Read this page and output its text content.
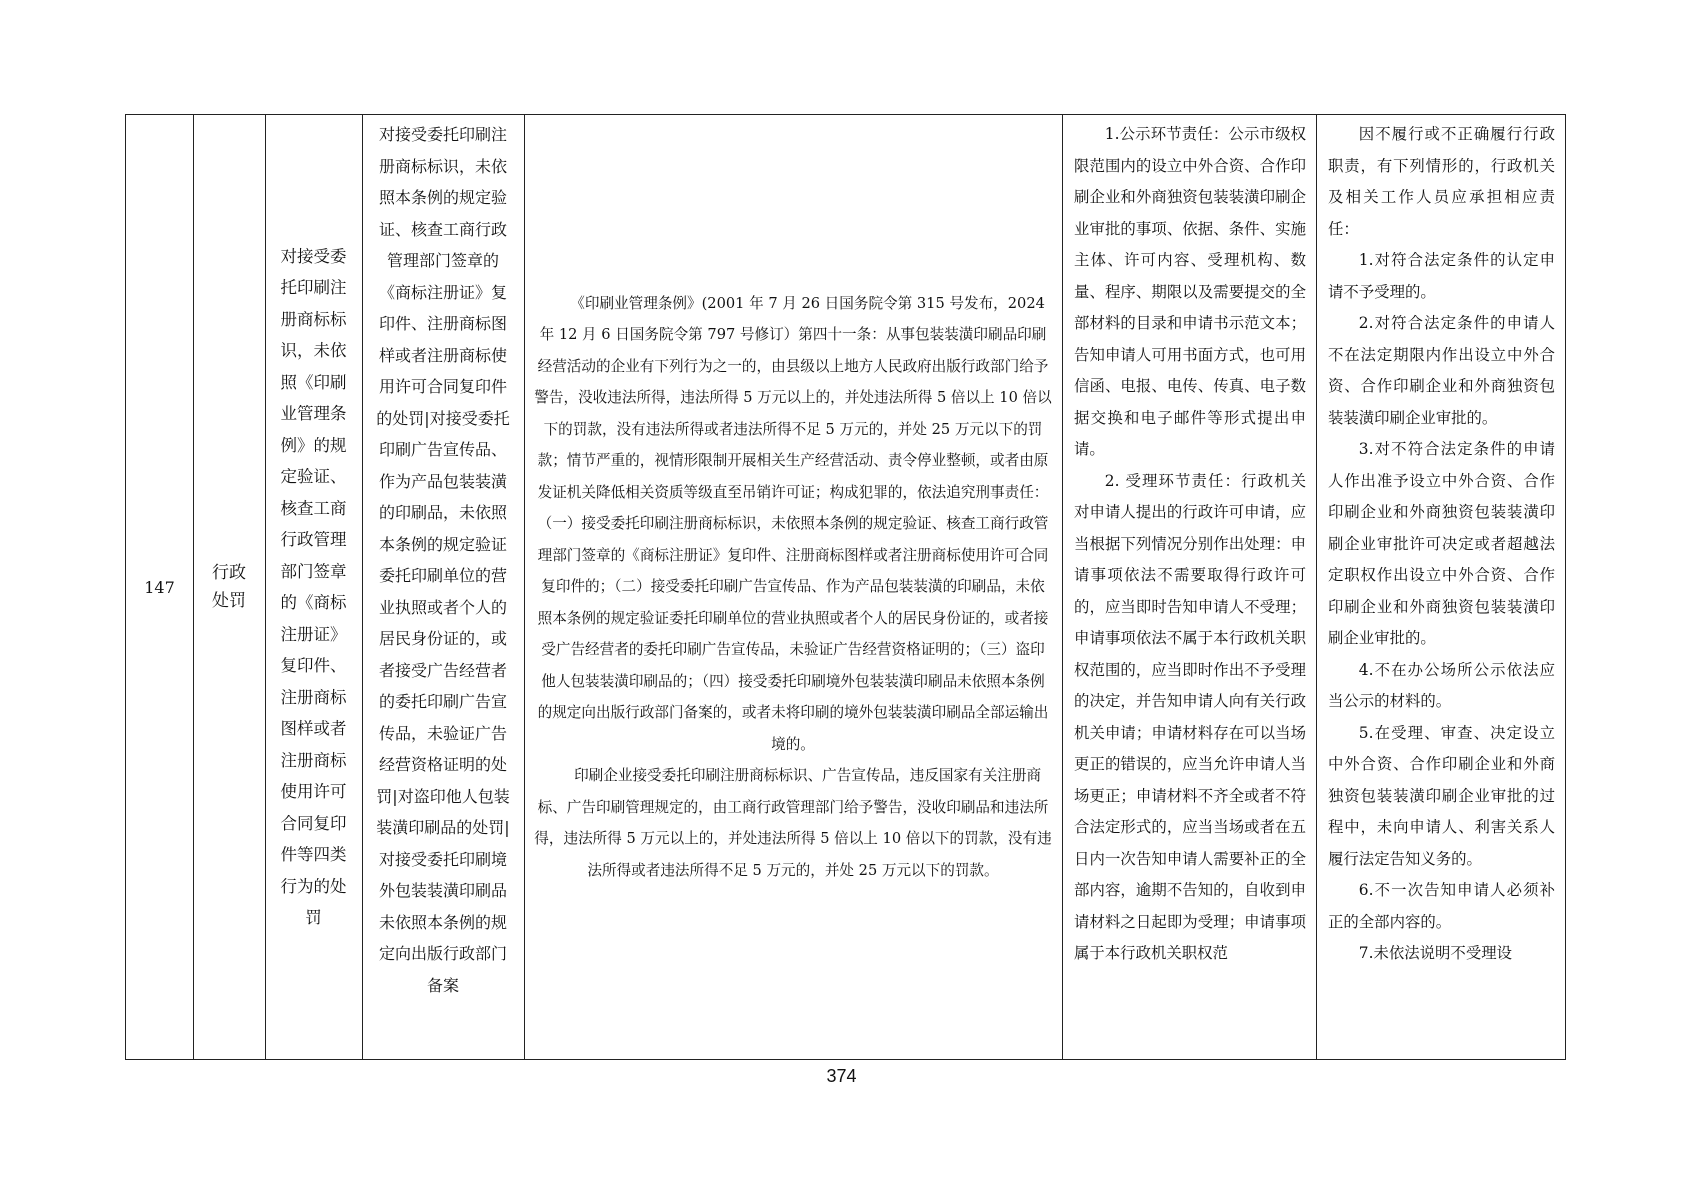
147
行政处罚
对接受委托印刷注册商标标识，未依照《印刷业管理条例》的规定验证、核查工商行政管理部门签章的《商标注册证》复印件、注册商标图样或者注册商标使用许可合同复印件等四类行为的处罚
对接受委托印刷注册商标标识，未依照本条例的规定验证、核查工商行政管理部门签章的《商标注册证》复印件、注册商标图样或者注册商标使用许可合同复印件的处罚|对接受委托印刷广告宣传品、作为产品包装装潢的印刷品，未依照本条例的规定验证委托印刷单位的营业执照或者个人的居民身份证的，或者接受广告经营者的委托印刷广告宣传品，未验证广告经营资格证明的处罚|对盗印他人包装装潢印刷品的处罚|对接受委托印刷境外包装装潢印刷品未依照本条例的规定向出版行政部门备案

《印刷业管理条例》(2001 年 7 月 26 日国务院令第 315 号发布，2024 年 12 月 6 日国务院令第 797 号修订）第四十一条：从事包装装潢印刷品印刷经营活动的企业有下列行为之一的，由县级以上地方人民政府出版行政部门给予警告，没收违法所得，违法所得 5 万元以上的，并处违法所得 5 倍以上 10 倍以下的罚款，没有违法所得或者违法所得不足 5 万元的，并处 25 万元以下的罚款；情节严重的，视情形限制开展相关生产经营活动、责令停业整顿，或者由原发证机关降低相关资质等级直至吊销许可证；构成犯罪的，依法追究刑事责任：（一）接受委托印刷注册商标标识，未依照本条例的规定验证、核查工商行政管理部门签章的《商标注册证》复印件、注册商标图样或者注册商标使用许可合同复印件的；（二）接受委托印刷广告宣传品、作为产品包装装潢的印刷品，未依照本条例的规定验证委托印刷单位的营业执照或者个人的居民身份证的，或者接受广告经营者的委托印刷广告宣传品，未验证广告经营资格证明的；（三）盗印他人包装装潢印刷品的；（四）接受委托印刷境外包装装潢印刷品未依照本条例的规定向出版行政部门备案的，或者未将印刷的境外包装装潢印刷品全部运输出境的。

印刷企业接受委托印刷注册商标标识、广告宣传品，违反国家有关注册商标、广告印刷管理规定的，由工商行政管理部门给予警告，没收印刷品和违法所得，违法所得 5 万元以上的，并处违法所得 5 倍以上 10 倍以下的罚款，没有违法所得或者违法所得不足 5 万元的，并处 25 万元以下的罚款。

1.公示环节责任：公示市级权限范围内的设立中外合资、合作印刷企业和外商独资包装装潢印刷企业审批的事项、依据、条件、实施主体、许可内容、受理机构、数量、程序、期限以及需要提交的全部材料的目录和申请书示范文本；告知申请人可用书面方式，也可用信函、电报、电传、传真、电子数据交换和电子邮件等形式提出申请。

2. 受理环节责任：行政机关对申请人提出的行政许可申请，应当根据下列情况分别作出处理：申请事项依法不需要取得行政许可的，应当即时告知申请人不受理；申请事项依法不属于本行政机关职权范围的，应当即时作出不予受理的决定，并告知申请人向有关行政机关申请；申请材料存在可以当场更正的错误的，应当允许申请人当场更正；申请材料不齐全或者不符合法定形式的，应当当场或者在五日内一次告知申请人需要补正的全部内容，逾期不告知的，自收到申请材料之日起即为受理；申请事项属于本行政机关职权范

因不履行或不正确履行行政职责，有下列情形的，行政机关及相关工作人员应承担相应责任：

1.对符合法定条件的认定申请不予受理的。

2.对符合法定条件的申请人不在法定期限内作出设立中外合资、合作印刷企业和外商独资包装装潢印刷企业审批的。

3.对不符合法定条件的申请人作出准予设立中外合资、合作印刷企业和外商独资包装装潢印刷企业审批许可决定或者超越法定职权作出设立中外合资、合作印刷企业和外商独资包装装潢印刷企业审批的。

4.不在办公场所公示依法应当公示的材料的。

5.在受理、审查、决定设立中外合资、合作印刷企业和外商独资包装装潢印刷企业审批的过程中，未向申请人、利害关系人履行法定告知义务的。

6.不一次告知申请人必须补正的全部内容的。

7.未依法说明不受理设

374
